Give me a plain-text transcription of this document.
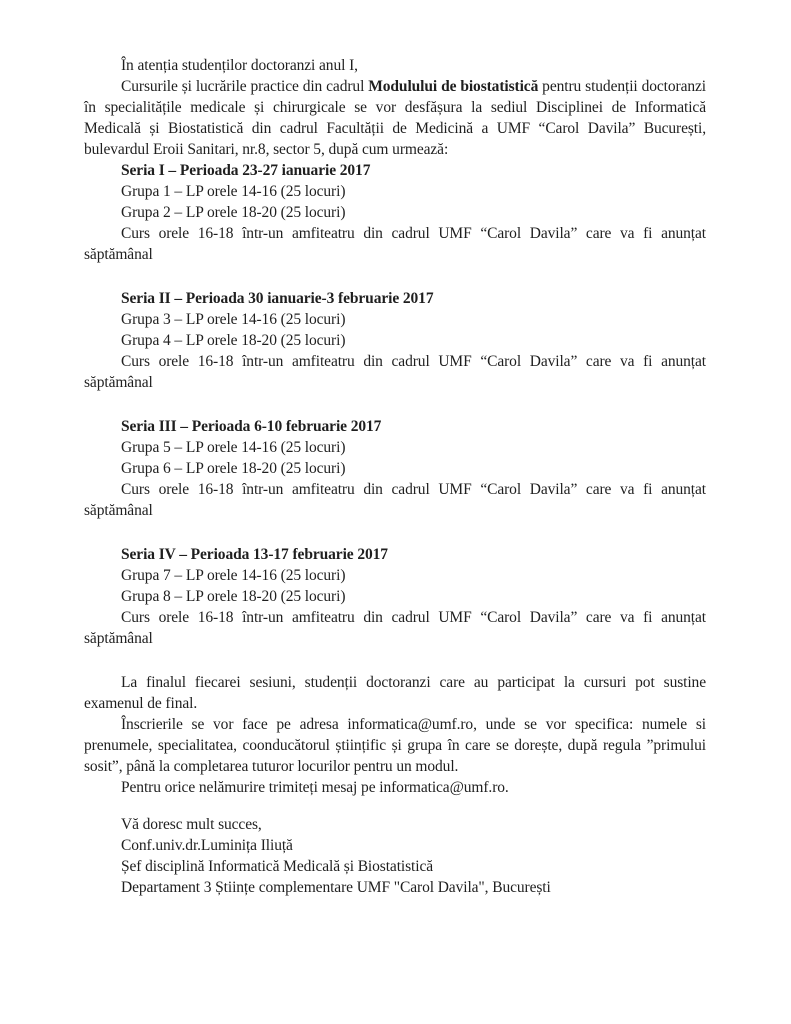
În atenția studenților doctoranzi anul I,

Cursurile și lucrările practice din cadrul Modulului de biostatistică pentru studenții doctoranzi în specialitățile medicale și chirurgicale se vor desfășura la sediul Disciplinei de Informatică Medicală și Biostatistică din cadrul Facultății de Medicină a UMF “Carol Davila” București, bulevardul Eroii Sanitari, nr.8, sector 5, după cum urmează:

Seria I – Perioada 23-27 ianuarie 2017

Grupa 1 – LP orele 14-16 (25 locuri)

Grupa 2 – LP orele 18-20 (25 locuri)

Curs orele 16-18 într-un amfiteatru din cadrul UMF “Carol Davila” care va fi anunțat săptămânal

Seria II – Perioada 30 ianuarie-3 februarie 2017

Grupa 3 – LP orele 14-16 (25 locuri)

Grupa 4 – LP orele 18-20 (25 locuri)

Curs orele 16-18 într-un amfiteatru din cadrul UMF “Carol Davila” care va fi anunțat săptămânal

Seria III – Perioada 6-10 februarie 2017

Grupa 5 – LP orele 14-16 (25 locuri)

Grupa 6 – LP orele 18-20 (25 locuri)

Curs orele 16-18 într-un amfiteatru din cadrul UMF “Carol Davila” care va fi anunțat săptămânal

Seria IV – Perioada 13-17 februarie 2017

Grupa 7 – LP orele 14-16 (25 locuri)

Grupa 8 – LP orele 18-20 (25 locuri)

Curs orele 16-18 într-un amfiteatru din cadrul UMF “Carol Davila” care va fi anunțat săptămânal

La finalul fiecarei sesiuni, studenții doctoranzi care au participat la cursuri pot sustine examenul de final.

Înscrierile se vor face pe adresa informatica@umf.ro, unde se vor specifica: numele si prenumele, specialitatea, coonducătorul științific și grupa în care se dorește, după regula ”primului sosit”, până la completarea tuturor locurilor pentru un modul.

Pentru orice nelămurire trimiteți mesaj pe informatica@umf.ro.

Vă doresc mult succes,

Conf.univ.dr.Luminița Iliuță

Șef disciplină Informatică Medicală și Biostatistică

Departament 3 Științe complementare UMF "Carol Davila", București
